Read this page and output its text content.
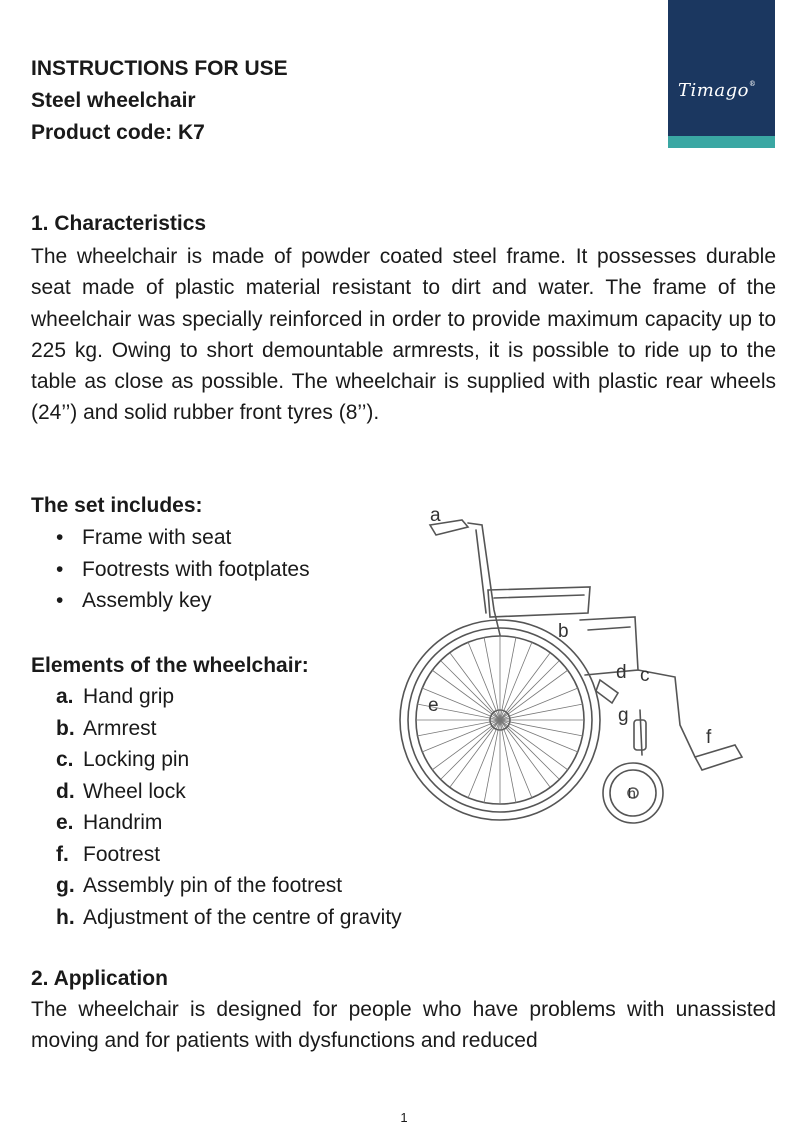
INSTRUCTIONS FOR USE
Steel wheelchair
Product code: K7
Timago®
1. Characteristics
The wheelchair is made of powder coated steel frame. It possesses durable seat made of plastic material resistant to dirt and water. The frame of the wheelchair was specially reinforced in order to provide maximum capacity up to 225 kg. Owing to short demountable armrests, it is possible to ride up to the table as close as possible. The wheelchair is supplied with plastic rear wheels (24’’) and solid rubber front tyres (8’’).
The set includes:
• Frame with seat
• Footrests with footplates
• Assembly key
Elements of the wheelchair:
a. Hand grip
b. Armrest
c. Locking pin
d. Wheel lock
e. Handrim
f. Footrest
g. Assembly pin of the footrest
h. Adjustment of the centre of gravity
a
b
c
d
e
f
g
h
2. Application
The wheelchair is designed for people who have problems with unassisted moving and for patients with dysfunctions and reduced
1
